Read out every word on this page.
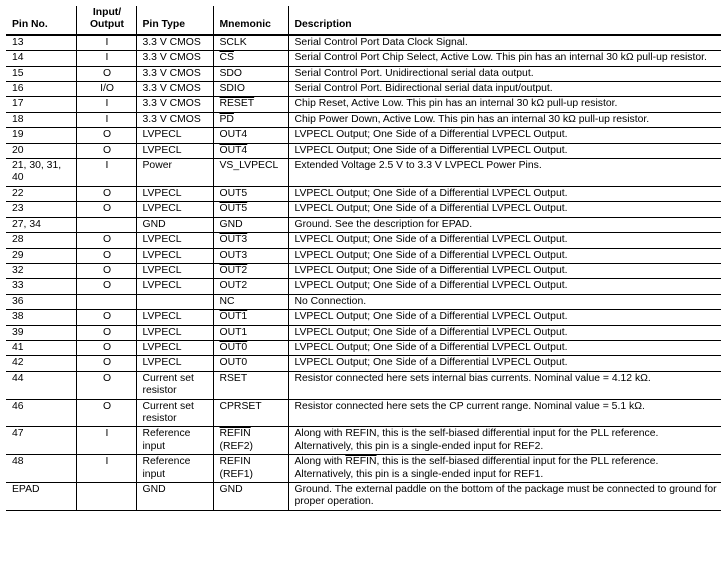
Pin No.	Input/ Output	Pin Type	Mnemonic	Description
13	I	3.3 V CMOS	SCLK	Serial Control Port Data Clock Signal.
14	I	3.3 V CMOS	$\overline{CS}$	Serial Control Port Chip Select, Active Low. This pin has an internal 30 kΩ pull-up resistor.
15	O	3.3 V CMOS	SDO	Serial Control Port. Unidirectional serial data output.
16	I/O	3.3 V CMOS	SDIO	Serial Control Port. Bidirectional serial data input/output.
17	I	3.3 V CMOS	RESET	Chip Reset, Active Low. This pin has an internal 30 kΩ pull-up resistor.
18	I	3.3 V CMOS	$\overline{PD}$	Chip Power Down, Active Low. This pin has an internal 30 kΩ pull-up resistor.
19	O	LVPECL	OUT4	LVPECL Output; One Side of a Differential LVPECL Output.
20	O	LVPECL	OUT4	LVPECL Output; One Side of a Differential LVPECL Output.
21, 30, 31, 40	I	Power	VS_LVPECL	Extended Voltage 2.5 V to 3.3 V LVPECL Power Pins.
22	O	LVPECL	OUT5	LVPECL Output; One Side of a Differential LVPECL Output.
23	O	LVPECL	OUT5	LVPECL Output; One Side of a Differential LVPECL Output.
27, 34		GND	GND	Ground. See the description for EPAD.
28	O	LVPECL	OUT3	LVPECL Output; One Side of a Differential LVPECL Output.
29	O	LVPECL	OUT3	LVPECL Output; One Side of a Differential LVPECL Output.
32	O	LVPECL	OUT2	LVPECL Output; One Side of a Differential LVPECL Output.
33	O	LVPECL	OUT2	LVPECL Output; One Side of a Differential LVPECL Output.
36			NC	No Connection.
38	O	LVPECL	OUT1	LVPECL Output; One Side of a Differential LVPECL Output.
39	O	LVPECL	OUT1	LVPECL Output; One Side of a Differential LVPECL Output.
41	O	LVPECL	OUT0	LVPECL Output; One Side of a Differential LVPECL Output.
42	O	LVPECL	OUT0	LVPECL Output; One Side of a Differential LVPECL Output.
44	O	Current set resistor	RSET	Resistor connected here sets internal bias currents. Nominal value = 4.12 kΩ.
46	O	Current set resistor	CPRSET	Resistor connected here sets the CP current range. Nominal value = 5.1 kΩ.
47	I	Reference input	REFIN (REF2)	Along with REFIN, this is the self-biased differential input for the PLL reference. Alternatively, this pin is a single-ended input for REF2.
48	I	Reference input	REFIN (REF1)	Along with REFIN, this is the self-biased differential input for the PLL reference. Alternatively, this pin is a single-ended input for REF1.
EPAD		GND	GND	Ground. The external paddle on the bottom of the package must be connected to ground for proper operation.
